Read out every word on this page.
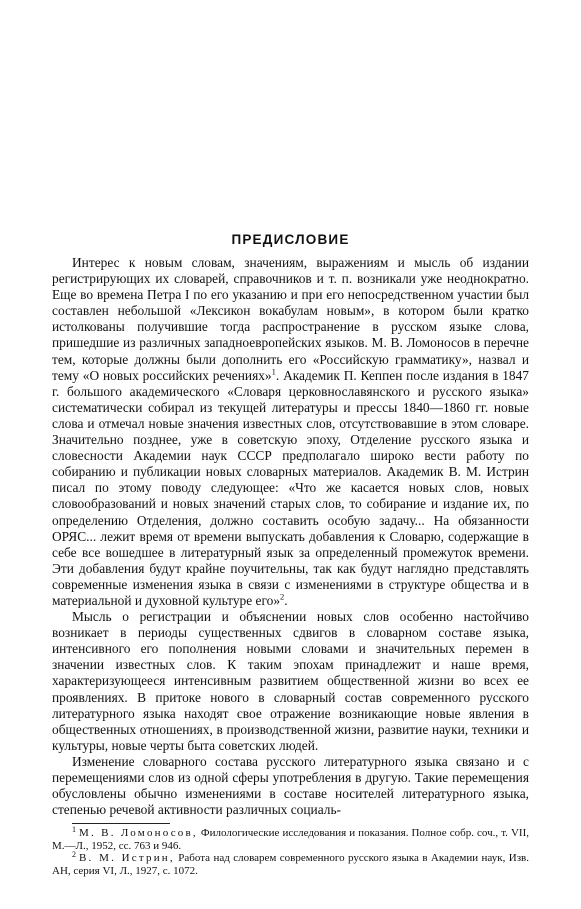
ПРЕДИСЛОВИЕ

Интерес к новым словам, значениям, выражениям и мысль об издании регистрирующих их словарей, справочников и т. п. возникали уже неоднократно. Еще во времена Петра I по его указанию и при его непосредственном участии был составлен небольшой «Лексикон вокабулам новым», в котором были кратко истолкованы получившие тогда распространение в русском языке слова, пришедшие из различных западноевропейских языков. М. В. Ломоносов в перечне тем, которые должны были дополнить его «Российскую грамматику», назвал и тему «О новых российских речениях»$^1$. Академик П. Кеппен после издания в 1847 г. большого академического «Словаря церковнославянского и русского языка» систематически собирал из текущей литературы и прессы 1840—1860 гг. новые слова и отмечал новые значения известных слов, отсутствовавшие в этом словаре. Значительно позднее, уже в советскую эпоху, Отделение русского языка и словесности Академии наук СССР предполагало широко вести работу по собиранию и публикации новых словарных материалов. Академик В. М. Истрин писал по этому поводу следующее: «Что же касается новых слов, новых словообразований и новых значений старых слов, то собирание и издание их, по определению Отделения, должно составить особую задачу... На обязанности ОРЯС... лежит время от времени выпускать добавления к Словарю, содержащие в себе все вошедшее в литературный язык за определенный промежуток времени. Эти добавления будут крайне поучительны, так как будут наглядно представлять современные изменения языка в связи с изменениями в структуре общества и в материальной и духовной культуре его»$^2$.

Мысль о регистрации и объяснении новых слов особенно настойчиво возникает в периоды существенных сдвигов в словарном составе языка, интенсивного его пополнения новыми словами и значительных перемен в значении известных слов. К таким эпохам принадлежит и наше время, характеризующееся интенсивным развитием общественной жизни во всех ее проявлениях. В притоке нового в словарный состав современного русского литературного языка находят свое отражение возникающие новые явления в общественных отношениях, в производственной жизни, развитие науки, техники и культуры, новые черты быта советских людей.

Изменение словарного состава русского литературного языка связано и с перемещениями слов из одной сферы употребления в другую. Такие перемещения обусловлены обычно изменениями в составе носителей литературного языка, степенью речевой активности различных социаль-

$^1$ М. В. Ломоносов, Филологические исследования и показания. Полное собр. соч., т. VII, М.—Л., 1952, сс. 763 и 946.

$^2$ В. М. Истрин, Работа над словарем современного русского языка в Академии наук, Изв. АН, серия VI, Л., 1927, с. 1072.
